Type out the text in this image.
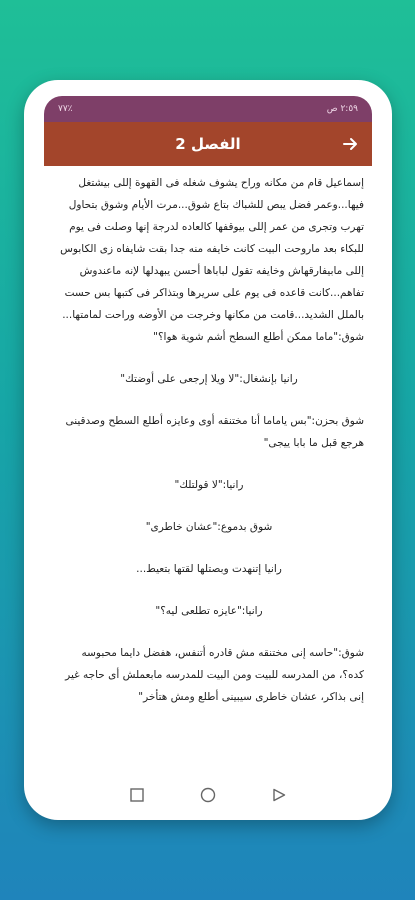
٧٧٪	٢:٥٩ ص
الفصل 2

إسماعيل قام من مكانه وراح يشوف شغله فى القهوة إللى بيشتغل فيها...وعمر فضل يبص للشباك بتاع شوق...مرت الأيام وشوق بتحاول تهرب وتجرى من عمر إللى بيوقفها كالعاده لدرجة إنها وصلت فى يوم للبكاء بعد ماروحت البيت كانت خايفه منه جدا بقت شايفاه زى الكابوس إللى مابيفارقهاش وخايفه تقول لباباها أحسن يبهدلها لإنه ماعندوش تفاهم...كانت قاعده فى يوم على سريرها وبتذاكر فى كتبها بس حست بالملل الشديد...قامت من مكانها وخرجت من الأوضه وراحت لمامتها... شوق:"ماما ممكن أطلع السطح أشم شوية هوا؟"

رانيا بإنشغال:"لا ويلا إرجعى على أوضتك"

شوق بحزن:"بس ياماما أنا مختنقه أوى وعايزه أطلع السطح وصدقينى هرجع قبل ما بابا ييجى"

رانيا:"لا قولتلك"

شوق بدموع:"عشان خاطرى"

رانيا إتنهدت وبصتلها لقتها بتعيط...

رانيا:"عايزه تطلعى ليه؟"

شوق:"حاسه إنى مختنقه مش قادره أتنفس، هفضل دايما محبوسه كده؟، من المدرسه للبيت ومن البيت للمدرسه مابعملش أى حاجه غير إنى بذاكر، عشان خاطرى سيبينى أطلع ومش هتأخر"
